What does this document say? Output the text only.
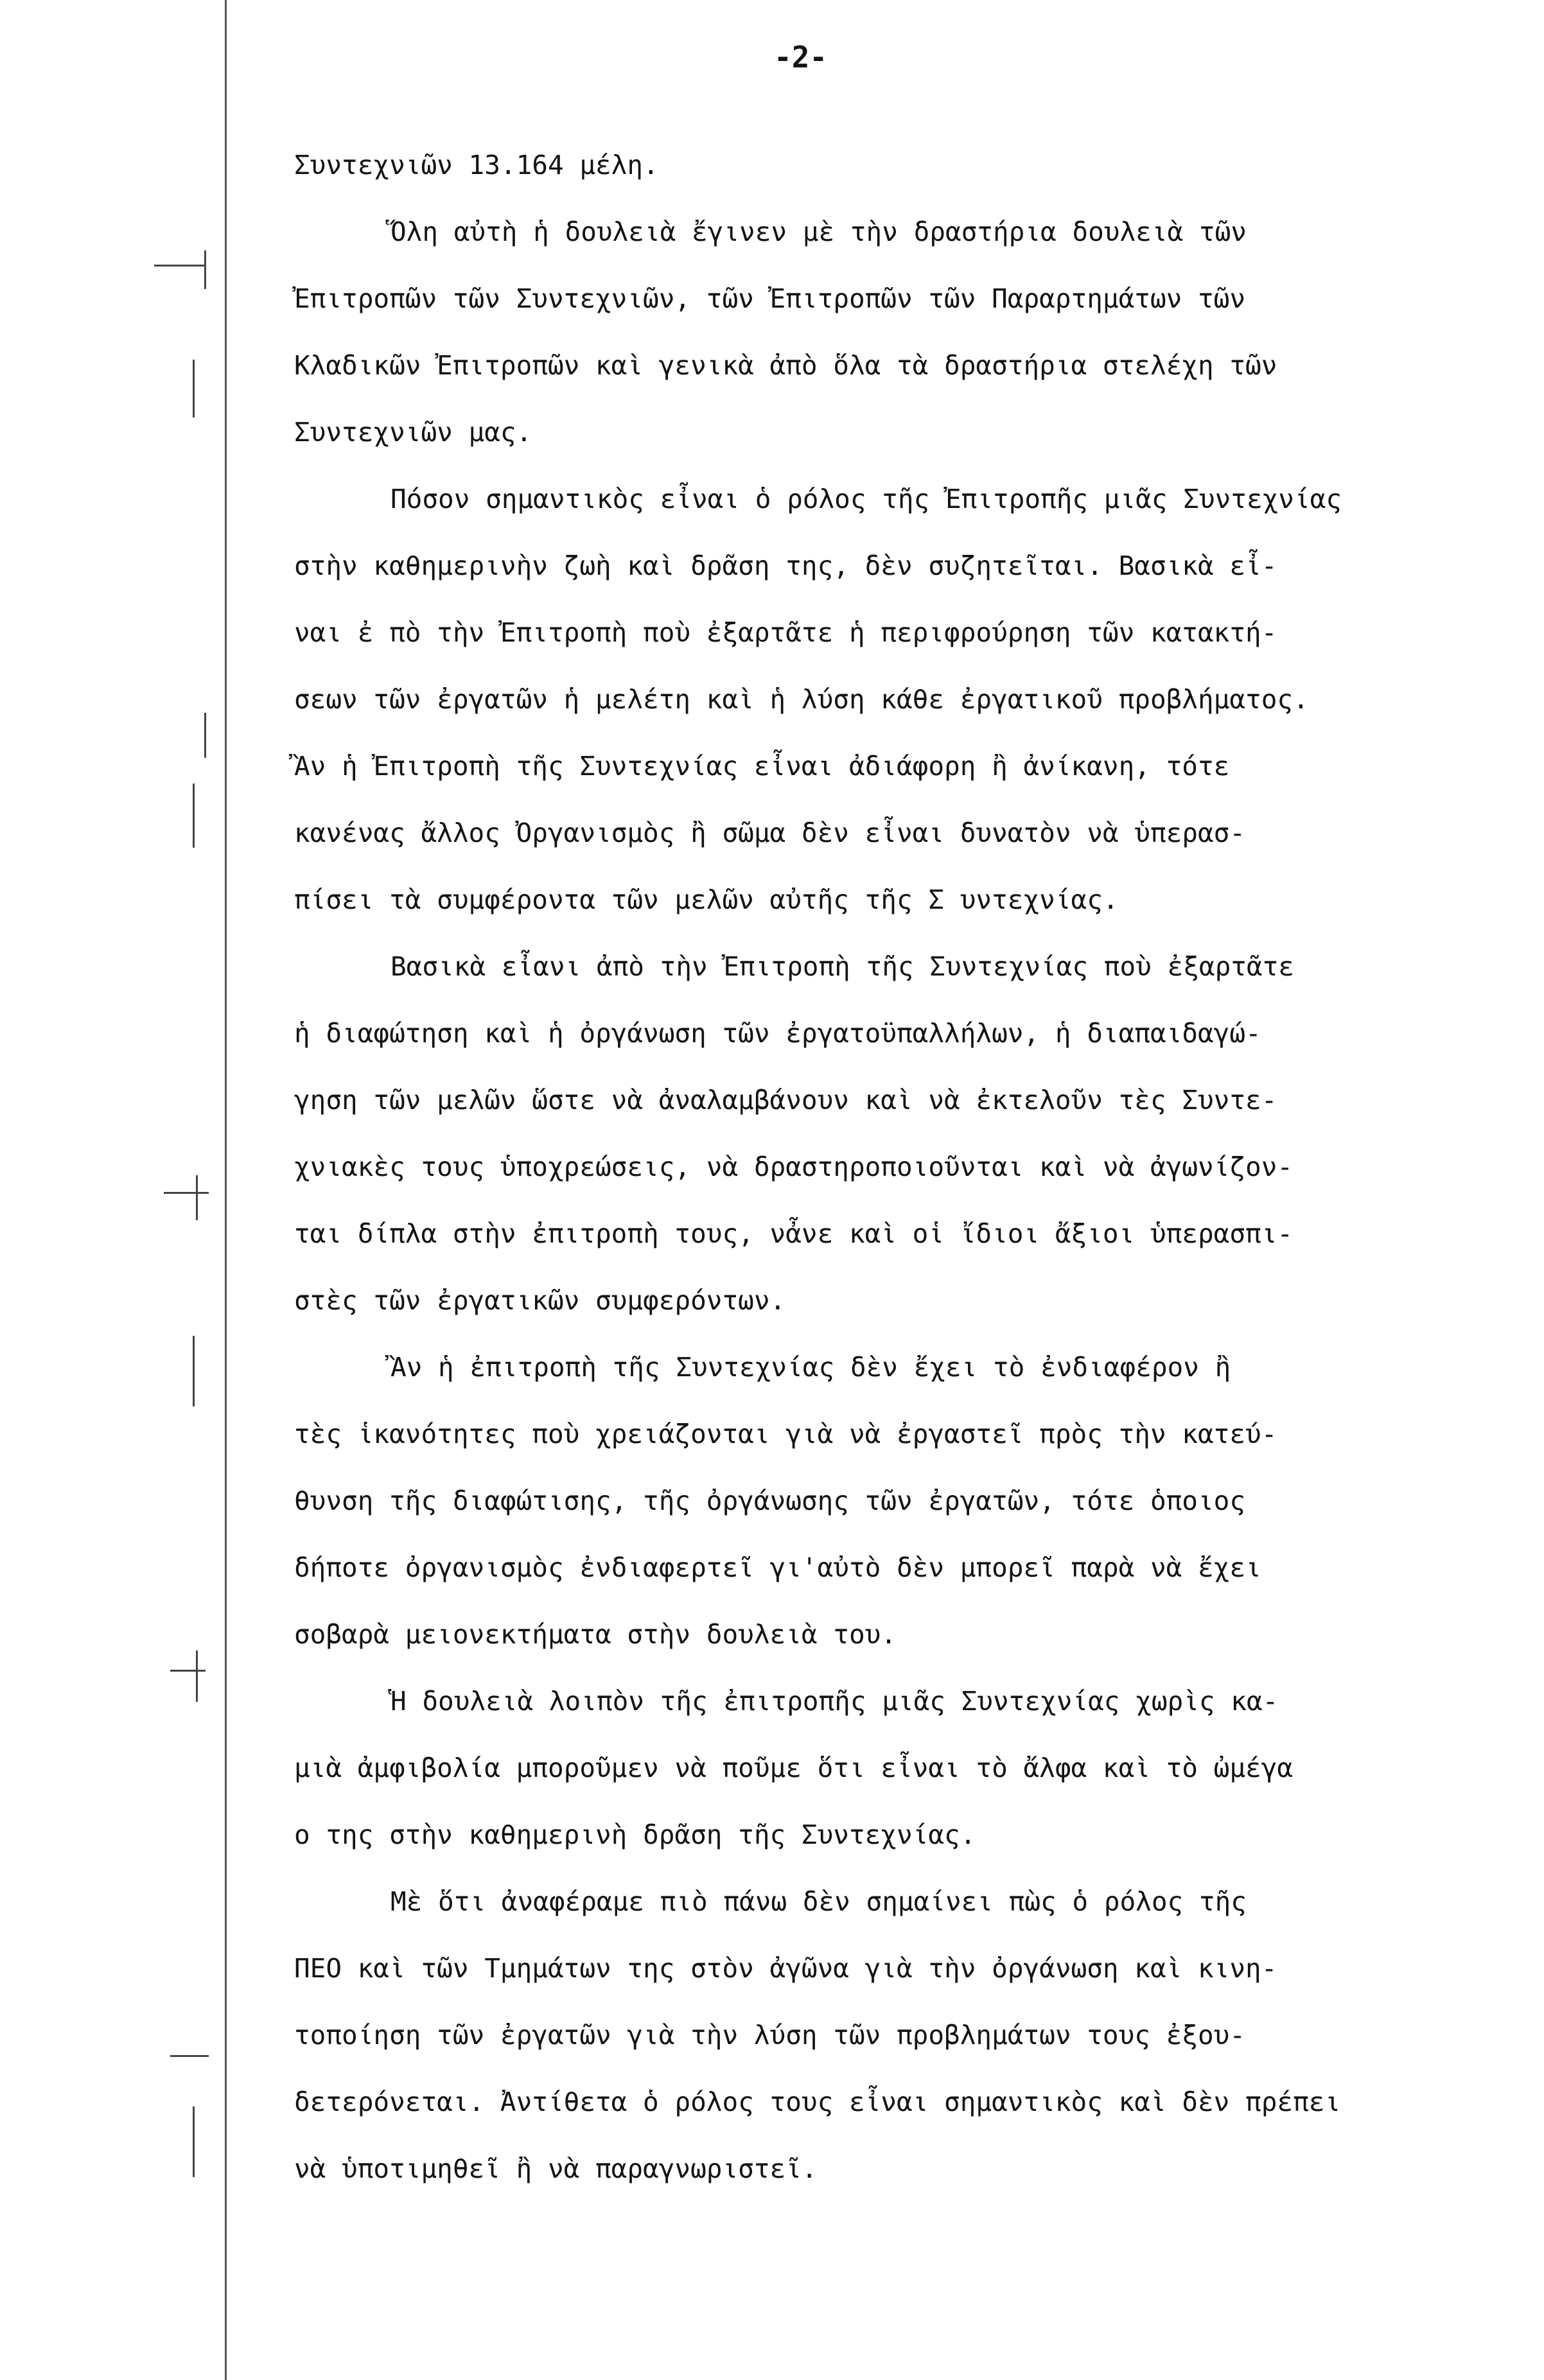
-2-
Συντεχνιῶν 13.164 μέλη.
Ὅλη αὐτὴ ἡ δουλειὰ ἔγινεν μὲ τὴν δραστήρια δουλειὰ τῶν
Ἐπιτροπῶν τῶν Συντεχνιῶν, τῶν Ἐπιτροπῶν τῶν Παραρτημάτων τῶν
Κλαδικῶν Ἐπιτροπῶν καὶ γενικὰ ἀπὸ ὅλα τὰ δραστήρια στελέχη τῶν
Συντεχνιῶν μας.
Πόσον σημαντικὸς εἶναι ὁ ρόλος τῆς Ἐπιτροπῆς μιᾶς Συντεχνίας
στὴν καθημερινὴν ζωὴ καὶ δρᾶση της, δὲν συζητεῖται. Βασικὰ εἶ-
ναι ἐ πὸ τὴν Ἐπιτροπὴ ποὺ ἐξαρτᾶτε ἡ περιφρούρηση τῶν κατακτή-
σεων τῶν ἐργατῶν ἡ μελέτη καὶ ἡ λύση κάθε ἐργατικοῦ προβλήματος.
Ἂν ἡ Ἐπιτροπὴ τῆς Συντεχνίας εἶναι ἀδιάφορη ἢ ἀνίκανη, τότε
κανένας ἄλλος Ὀργανισμὸς ἢ σῶμα δὲν εἶναι δυνατὸν νὰ ὑπερασ-
πίσει τὰ συμφέροντα τῶν μελῶν αὐτῆς τῆς Σ υντεχνίας.
Βασικὰ εἶανι ἀπὸ τὴν Ἐπιτροπὴ τῆς Συντεχνίας ποὺ ἐξαρτᾶτε
ἡ διαφώτηση καὶ ἡ ὀργάνωση τῶν ἐργατοϋπαλλήλων, ἡ διαπαιδαγώ-
γηση τῶν μελῶν ὥστε νὰ ἀναλαμβάνουν καὶ νὰ ἐκτελοῦν τὲς Συντε-
χνιακὲς τους ὑποχρεώσεις, νὰ δραστηροποιοῦνται καὶ νὰ ἀγωνίζον-
ται δίπλα στὴν ἐπιτροπὴ τους, νἆνε καὶ οἱ ἴδιοι ἄξιοι ὑπερασπι-
στὲς τῶν ἐργατικῶν συμφερόντων.
Ἂν ἡ ἐπιτροπὴ τῆς Συντεχνίας δὲν ἔχει τὸ ἐνδιαφέρον ἢ
τὲς ἱκανότητες ποὺ χρειάζονται γιὰ νὰ ἐργαστεῖ πρὸς τὴν κατεύ-
θυνση τῆς διαφώτισης, τῆς ὀργάνωσης τῶν ἐργατῶν, τότε ὁποιος
δήποτε ὀργανισμὸς ἐνδιαφερτεῖ γι'αὐτὸ δὲν μπορεῖ παρὰ νὰ ἔχει
σοβαρὰ μειονεκτήματα στὴν δουλειὰ του.
Ἡ δουλειὰ λοιπὸν τῆς ἐπιτροπῆς μιᾶς Συντεχνίας χωρὶς κα-
μιὰ ἀμφιβολία μποροῦμεν νὰ ποῦμε ὅτι εἶναι τὸ ἄλφα καὶ τὸ ὠμέγα
ο της στὴν καθημερινὴ δρᾶση τῆς Συντεχνίας.
Μὲ ὅτι ἀναφέραμε πιὸ πάνω δὲν σημαίνει πὼς ὁ ρόλος τῆς
ΠΕΟ καὶ τῶν Τμημάτων της στὸν ἀγῶνα γιὰ τὴν ὀργάνωση καὶ κινη-
τοποίηση τῶν ἐργατῶν γιὰ τὴν λύση τῶν προβλημάτων τους ἐξου-
δετερόνεται. Ἀντίθετα ὁ ρόλος τους εἶναι σημαντικὸς καὶ δὲν πρέπει
νὰ ὑποτιμηθεῖ ἢ νὰ παραγνωριστεῖ.
